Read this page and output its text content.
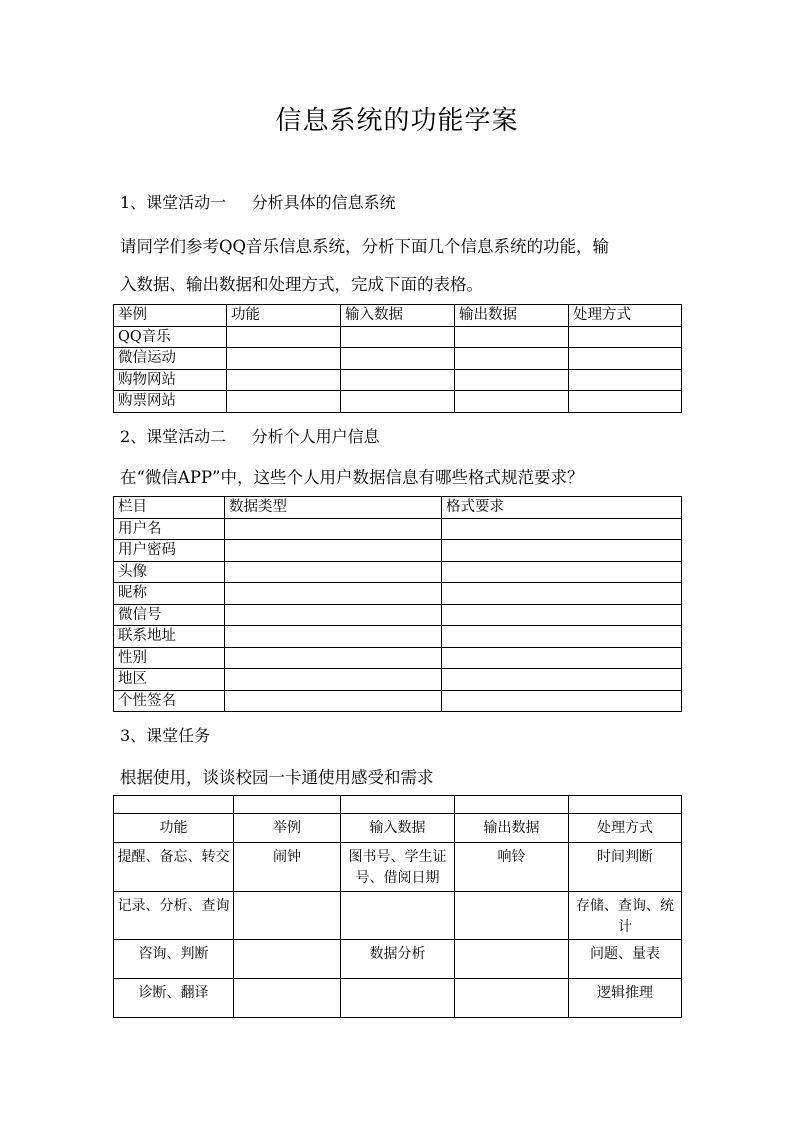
信息系统的功能学案
1、课堂活动一     分析具体的信息系统
请同学们参考QQ音乐信息系统，分析下面几个信息系统的功能，输
入数据、输出数据和处理方式，完成下面的表格。
举例	功能	输入数据	输出数据	处理方式
QQ音乐				
微信运动				
购物网站				
购票网站				
2、课堂活动二     分析个人用户信息
在“微信APP”中，这些个人用户数据信息有哪些格式规范要求？
栏目	数据类型	格式要求
用户名		
用户密码		
头像		
昵称		
微信号		
联系地址		
性别		
地区		
个性签名		
3、课堂任务
根据使用，谈谈校园一卡通使用感受和需求

功能	举例	输入数据	输出数据	处理方式
提醒、备忘、转交	闹钟	图书号、学生证号、借阅日期	响铃	时间判断
记录、分析、查询				存储、查询、统计
咨询、判断		数据分析		问题、量表
诊断、翻译				逻辑推理
